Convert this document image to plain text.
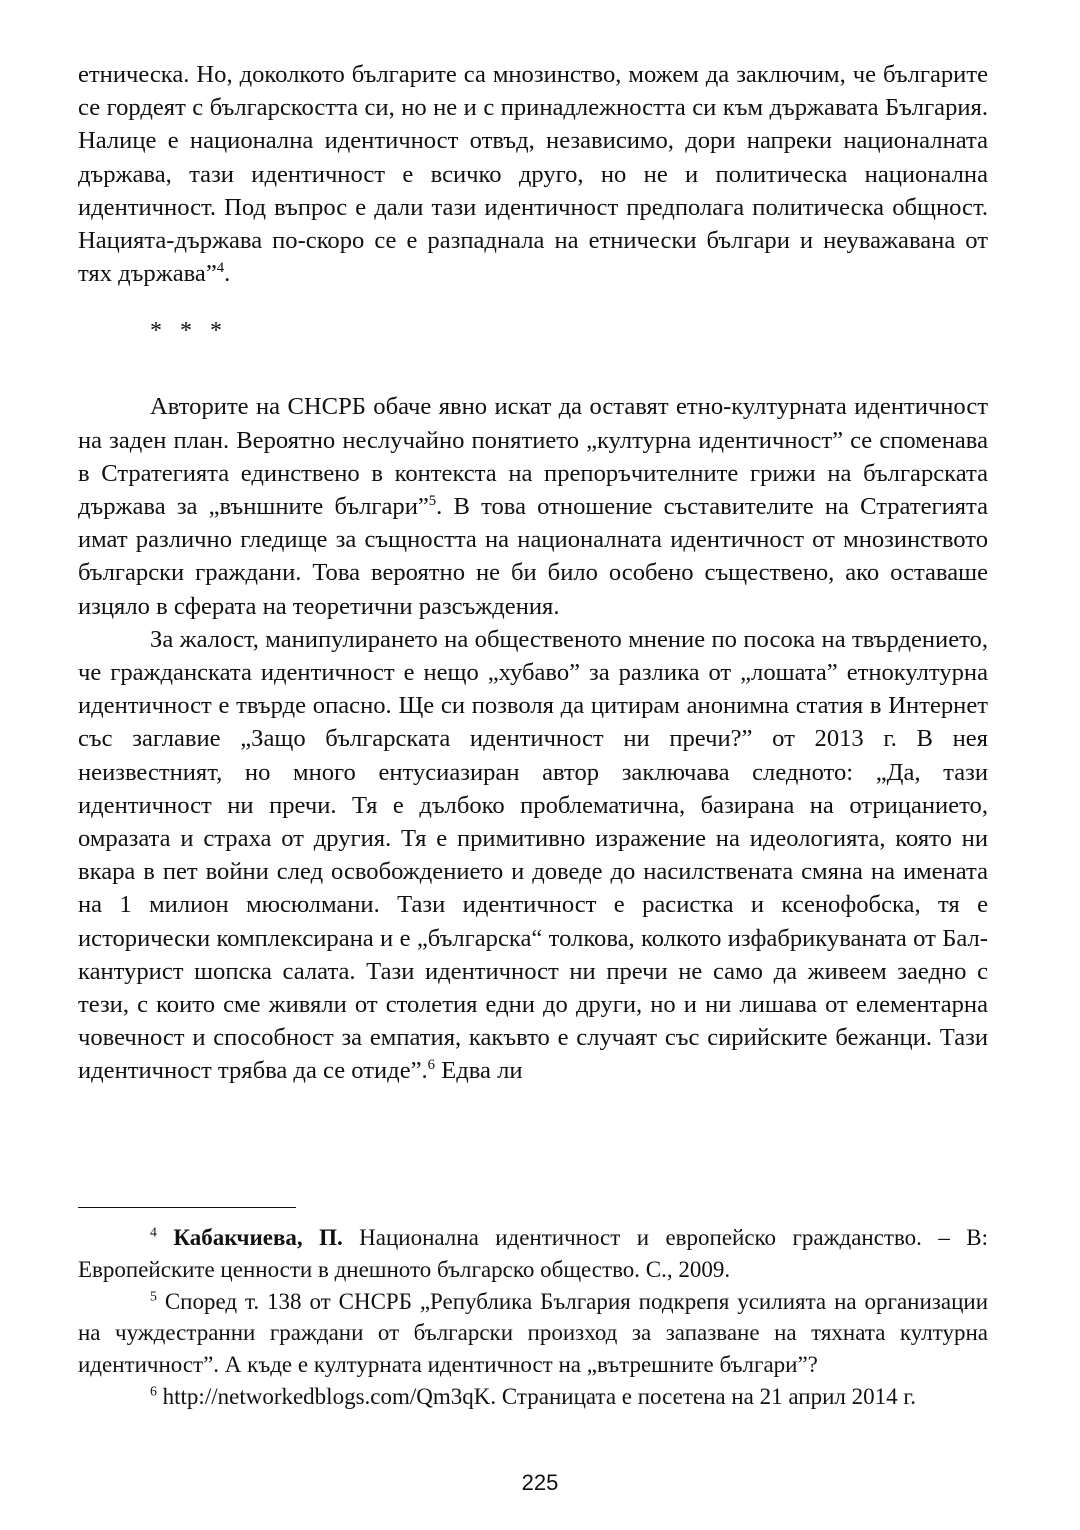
етническа. Но, доколкото българите са мнозинство, можем да заключим, че българите се гордеят с българскостта си, но не и с принадлежността си към държавата България. Налице е национална идентичност отвъд, независимо, дори напреки националната държава, тази идентичност е всичко друго, но не и политическа национална идентичност. Под въпрос е дали тази идентичност предполага политическа общност. Нацията-държава по-скоро се е разпаднала на етнически българи и неуважавана от тях държава”$^4$.

* * *

Авторите на СНСРБ обаче явно искат да оставят етно-културната идентичност на заден план. Вероятно неслучайно понятието „културна идентичност” се споменава в Стратегията единствено в контекста на препоръчителните грижи на българската държава за „външните българи”$^5$. В това отношение съставителите на Стратегията имат различно гледище за същността на националната идентичност от мнозинството български граждани. Това вероятно не би било особено съществено, ако оставаше изцяло в сферата на теоретични разсъждения.

За жалост, манипулирането на общественото мнение по посока на твърдението, че гражданската идентичност е нещо „хубаво” за разлика от „лошата” етнокултурна идентичност е твърде опасно. Ще си позволя да цитирам анонимна статия в Интернет със заглавие „Защо българската идентичност ни пречи?” от 2013 г. В нея неизвестният, но много ентусиазиран автор заключава следното: „Да, тази идентичност ни пречи. Тя е дълбоко проблематична, базирана на отрицанието, омразата и страха от другия. Тя е примитивно изражение на идеологията, която ни вкара в пет войни след освобождението и доведе до насилствената смяна на имената на 1 милион мюсюлмани. Тази идентичност е расистка и ксенофобска, тя е исторически комплексирана и е „българска“ толкова, колкото изфабрикуваната от Балкантурист шопска салата. Тази идентичност ни пречи не само да живеем заедно с тези, с които сме живяли от столетия едни до други, но и ни лишава от елементарна човечност и способност за емпатия, какъвто е случаят със сирийските бежанци. Тази идентичност трябва да се отиде”.$^6$ Едва ли

$^4$ Кабакчиева, П. Национална идентичност и европейско гражданство. – В: Европейските ценности в днешното българско общество. С., 2009.

$^5$ Според т. 138 от СНСРБ „Република България подкрепя усилията на организации на чуждестранни граждани от български произход за запазване на тяхната културна идентичност”. А къде е културната идентичност на „вътрешните българи”?

$^6$ http://networkedblogs.com/Qm3qK. Страницата е посетена на 21 април 2014 г.

225
